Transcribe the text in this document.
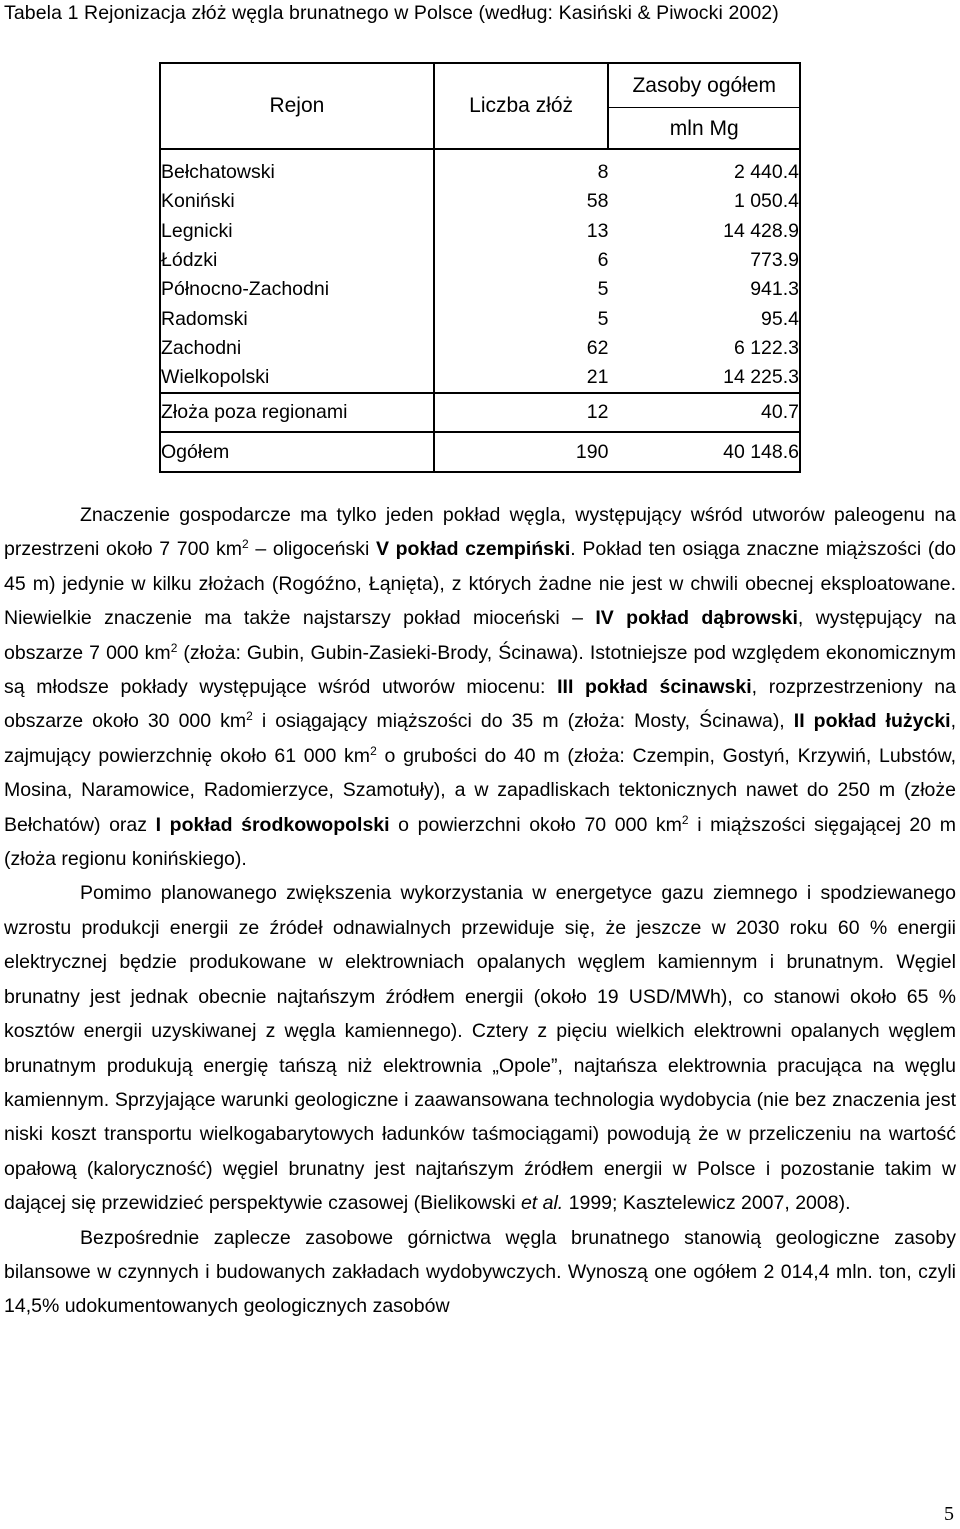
Tabela 1 Rejonizacja złóż węgla brunatnego w Polsce (według: Kasiński & Piwocki 2002)
Rejon	Liczba złóż	Zasoby ogółem
mln Mg

Bełchatowski	8	2 440.4
Koniński	58	1 050.4
Legnicki	13	14 428.9
Łódzki	6	773.9
Północno-Zachodni	5	941.3
Radomski	5	95.4
Zachodni	62	6 122.3
Wielkopolski	21	14 225.3
Złoża poza regionami	12	40.7
Ogółem	190	40 148.6
Znaczenie gospodarcze ma tylko jeden pokład węgla, występujący wśród utworów paleogenu na przestrzeni około 7 700 $km^2$ – oligoceński V pokład czempiński. Pokład ten osiąga znaczne miąższości (do 45 m) jedynie w kilku złożach (Rogóźno, Łąnięta), z których żadne nie jest w chwili obecnej eksploatowane. Niewielkie znaczenie ma także najstarszy pokład mioceński – IV pokład dąbrowski, występujący na obszarze 7 000 $km^2$ (złoża: Gubin, Gubin-Zasieki-Brody, Ścinawa). Istotniejsze pod względem ekonomicznym są młodsze pokłady występujące wśród utworów miocenu: III pokład ścinawski, rozprzestrzeniony na obszarze około 30 000 $km^2$ i osiągający miąższości do 35 m (złoża: Mosty, Ścinawa), II pokład łużycki, zajmujący powierzchnię około 61 000 $km^2$ o grubości do 40 m (złoża: Czempin, Gostyń, Krzywiń, Lubstów, Mosina, Naramowice, Radomierzyce, Szamotuły), a w zapadliskach tektonicznych nawet do 250 m (złoże Bełchatów) oraz I pokład środkowopolski o powierzchni około 70 000 $km^2$ i miąższości sięgającej 20 m (złoża regionu konińskiego).
Pomimo planowanego zwiększenia wykorzystania w energetyce gazu ziemnego i spodziewanego wzrostu produkcji energii ze źródeł odnawialnych przewiduje się, że jeszcze w 2030 roku 60 % energii elektrycznej będzie produkowane w elektrowniach opalanych węglem kamiennym i brunatnym. Węgiel brunatny jest jednak obecnie najtańszym źródłem energii (około 19 USD/MWh), co stanowi około 65 % kosztów energii uzyskiwanej z węgla kamiennego). Cztery z pięciu wielkich elektrowni opalanych węglem brunatnym produkują energię tańszą niż elektrownia „Opole”, najtańsza elektrownia pracująca na węglu kamiennym. Sprzyjające warunki geologiczne i zaawansowana technologia wydobycia (nie bez znaczenia jest niski koszt transportu wielkogabarytowych ładunków taśmociągami) powodują że w przeliczeniu na wartość opałową (kaloryczność) węgiel brunatny jest najtańszym źródłem energii w Polsce i pozostanie takim w dającej się przewidzieć perspektywie czasowej (Bielikowski et al. 1999; Kasztelewicz 2007, 2008).
Bezpośrednie zaplecze zasobowe górnictwa węgla brunatnego stanowią geologiczne zasoby bilansowe w czynnych i budowanych zakładach wydobywczych. Wynoszą one ogółem 2 014,4 mln. ton, czyli 14,5% udokumentowanych geologicznych zasobów
5
